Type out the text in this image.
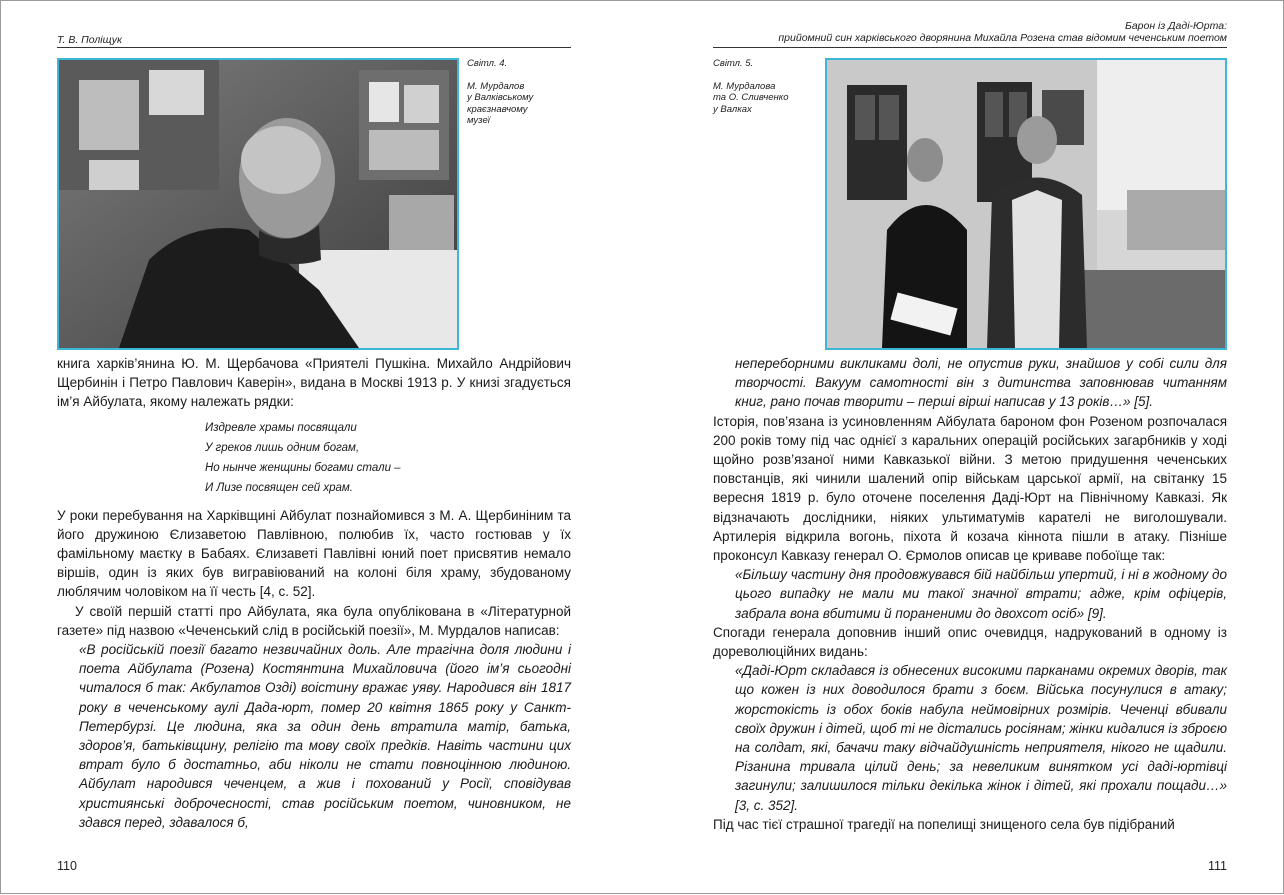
Т. В. Поліщук
Світл. 4.
М. Мурдалов
у Валківському
краєзнавчому
музеї

книга харків’янина Ю. М. Щербачова «Приятелі Пушкіна. Михайло Андрійович Щербинін і Петро Павлович Каверін», видана в Москві 1913 р. У книзі згадується ім’я Айбулата, якому належать рядки:

Издревле храмы посвящали
У греков лишь одним богам,
Но нынче женщины богами стали –
И Лизе посвящен сей храм.

У роки перебування на Харківщині Айбулат познайомився з М. А. Щербиніним та його дружиною Єлизаветою Павлівною, полюбив їх, часто гостював у їх фамільному маєтку в Бабаях. Єлизаветі Павлівні юний поет присвятив немало віршів, один із яких був вигравіюваний на колоні біля храму, збудованому люблячим чоловіком на її честь [4, с. 52].

У своїй першій статті про Айбулата, яка була опублікована в «Літературной газете» під назвою «Чеченський слід в російській поезії», М. Мурдалов написав:

«В російській поезії багато незвичайних доль. Але трагічна доля людини і поета Айбулата (Розена) Костянтина Михайловича (його ім’я сьогодні читалося б так: Акбулатов Озді) воістину вражає уяву. Народився він 1817 року в чеченському аулі Дада-юрт, помер 20 квітня 1865 року у Санкт-Петербурзі. Це людина, яка за один день втратила матір, батька, здоров’я, батьківщину, релігію та мову своїх предків. Навіть частини цих втрат було б достатньо, аби ніколи не стати повноцінною людиною. Айбулат народився чеченцем, а жив і похований у Росії, сповідував християнські доброчесності, став російським поетом, чиновником, не здався перед, здавалося б,

110
Барон із Даді-Юрта:
прийомний син харківського дворянина Михайла Розена став відомим чеченським поетом
Світл. 5.
М. Мурдалова
та О. Сливченко
у Валках

непереборними викликами долі, не опустив руки, знайшов у собі сили для творчості. Вакуум самотності він з дитинства заповнював читанням книг, рано почав творити – перші вірші написав у 13 років…» [5].

Історія, пов’язана із усиновленням Айбулата бароном фон Розеном розпочалася 200 років тому під час однієї з каральних операцій російських загарбників у ході щойно розв’язаної ними Кавказької війни. З метою придушення чеченських повстанців, які чинили шалений опір військам царської армії, на світанку 15 вересня 1819 р. було оточене поселення Даді-Юрт на Північному Кавказі. Як відзначають дослідники, ніяких ультиматумів карателі не виголошували. Артилерія відкрила вогонь, піхота й козача кіннота пішли в атаку. Пізніше проконсул Кавказу генерал О. Єрмолов описав це криваве побоїще так:

«Більшу частину дня продовжувався бій найбільш упертий, і ні в жодному до цього випадку не мали ми такої значної втрати; адже, крім офіцерів, забрала вона вбитими й пораненими до двохсот осіб» [9].

Спогади генерала доповнив інший опис очевидця, надрукований в одному із дореволюційних видань:

«Даді-Юрт складався із обнесених високими парканами окремих дворів, так що кожен із них доводилося брати з боєм. Війська посунулися в атаку; жорстокість із обох боків набула неймовірних розмірів. Чеченці вбивали своїх дружин і дітей, щоб ті не дістались росіянам; жінки кидалися із зброєю на солдат, які, бачачи таку відчайдушність неприятеля, нікого не щадили. Різанина тривала цілий день; за невеликим винятком усі даді-юртівці загинули; залишилося тільки декілька жінок і дітей, які прохали пощади…» [3, с. 352].

Під час тієї страшної трагедії на попелищі знищеного села був підібраний

111
